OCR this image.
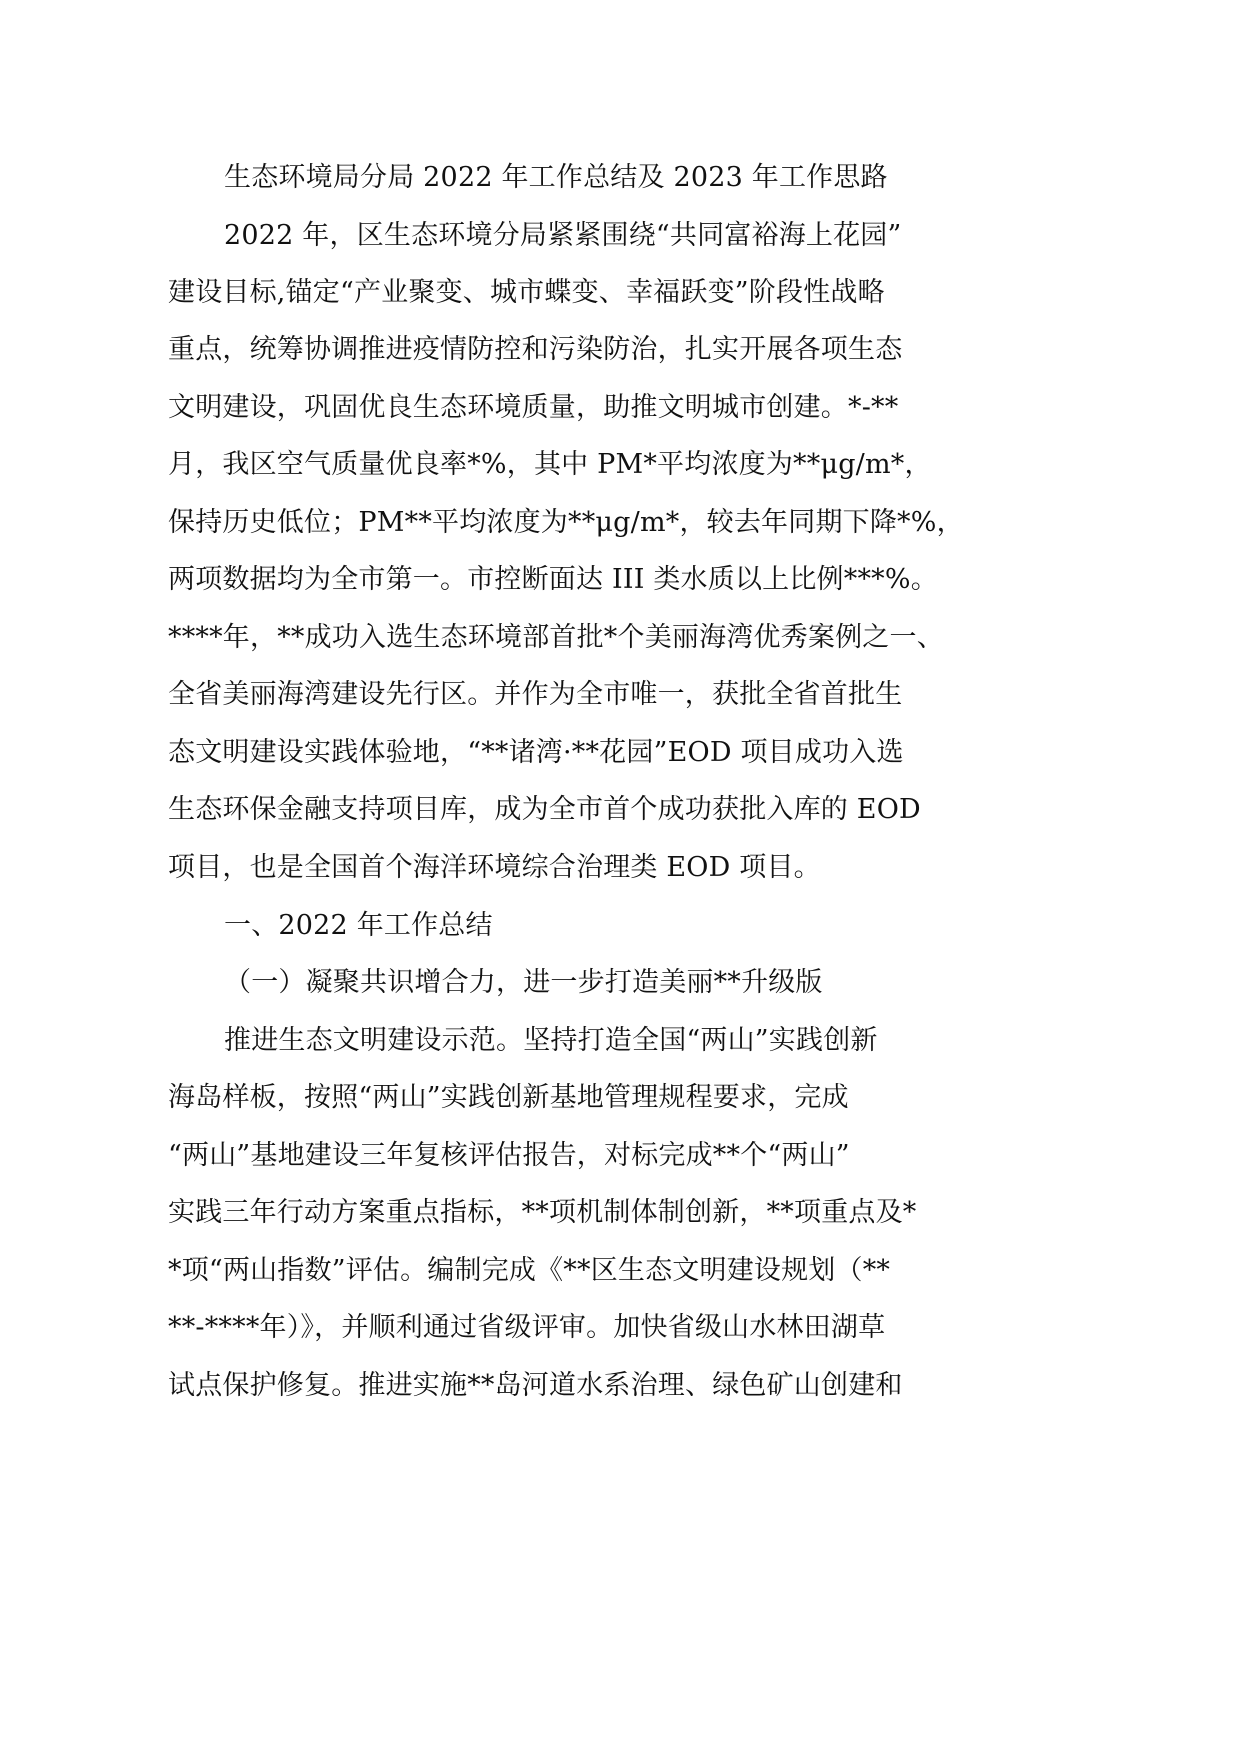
生态环境局分局 2022 年工作总结及 2023 年工作思路

2022 年，区生态环境分局紧紧围绕“共同富裕海上花园”

建设目标,锚定“产业聚变、城市蝶变、幸福跃变”阶段性战略

重点，统筹协调推进疫情防控和污染防治，扎实开展各项生态

文明建设，巩固优良生态环境质量，助推文明城市创建。*-**

月，我区空气质量优良率*%，其中 PM*平均浓度为**μg/m*，

保持历史低位；PM**平均浓度为**μg/m*，较去年同期下降*%，

两项数据均为全市第一。市控断面达 III 类水质以上比例***%。

****年，**成功入选生态环境部首批*个美丽海湾优秀案例之一、

全省美丽海湾建设先行区。并作为全市唯一，获批全省首批生

态文明建设实践体验地，“**诸湾·**花园”EOD 项目成功入选

生态环保金融支持项目库，成为全市首个成功获批入库的 EOD

项目，也是全国首个海洋环境综合治理类 EOD 项目。

一、2022 年工作总结

（一）凝聚共识增合力，进一步打造美丽**升级版

推进生态文明建设示范。坚持打造全国“两山”实践创新

海岛样板，按照“两山”实践创新基地管理规程要求，完成

“两山”基地建设三年复核评估报告，对标完成**个“两山”

实践三年行动方案重点指标，**项机制体制创新，**项重点及*

*项“两山指数”评估。编制完成《**区生态文明建设规划（**

**-****年）》，并顺利通过省级评审。加快省级山水林田湖草

试点保护修复。推进实施**岛河道水系治理、绿色矿山创建和
